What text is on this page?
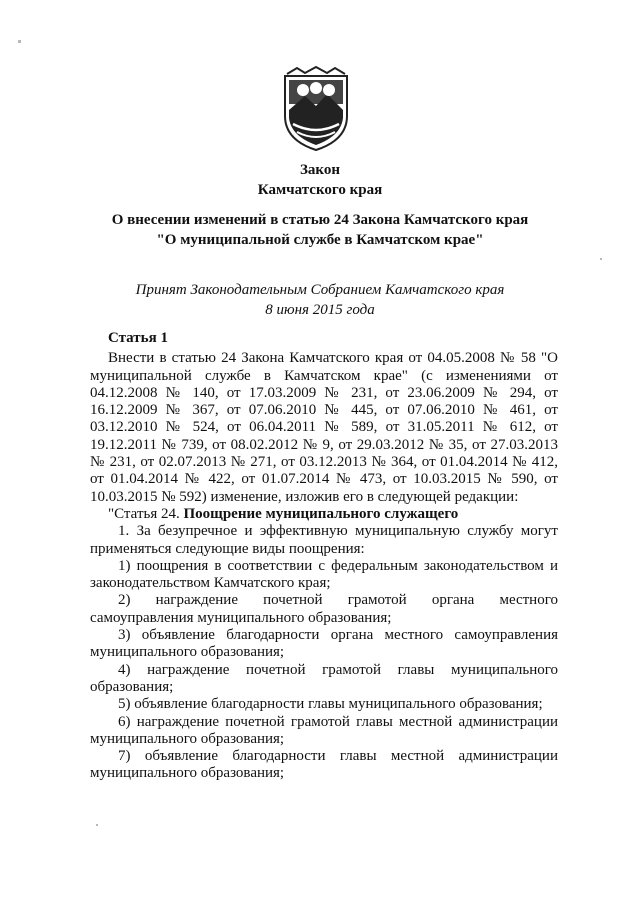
Закон
Камчатского края
О внесении изменений в статью 24 Закона Камчатского края
"О муниципальной службе в Камчатском крае"
Принят Законодательным Собранием Камчатского края
8 июня 2015 года

Статья 1

Внести в статью 24 Закона Камчатского края от 04.05.2008 № 58 "О муниципальной службе в Камчатском крае" (с изменениями от 04.12.2008 № 140, от 17.03.2009 № 231, от 23.06.2009 № 294, от 16.12.2009 № 367, от 07.06.2010 № 445, от 07.06.2010 № 461, от 03.12.2010 № 524, от 06.04.2011 № 589, от 31.05.2011 № 612, от 19.12.2011 № 739, от 08.02.2012 № 9, от 29.03.2012 № 35, от 27.03.2013 № 231, от 02.07.2013 № 271, от 03.12.2013 № 364, от 01.04.2014 № 412, от 01.04.2014 № 422, от 01.07.2014 № 473, от 10.03.2015 № 590, от 10.03.2015 № 592) изменение, изложив его в следующей редакции:

"Статья 24. Поощрение муниципального служащего

1. За безупречное и эффективную муниципальную службу могут применяться следующие виды поощрения:

1) поощрения в соответствии с федеральным законодательством и законодательством Камчатского края;

2) награждение почетной грамотой органа местного самоуправления муниципального образования;

3) объявление благодарности органа местного самоуправления муниципального образования;

4) награждение почетной грамотой главы муниципального образования;

5) объявление благодарности главы муниципального образования;

6) награждение почетной грамотой главы местной администрации муниципального образования;

7) объявление благодарности главы местной администрации муниципального образования;
